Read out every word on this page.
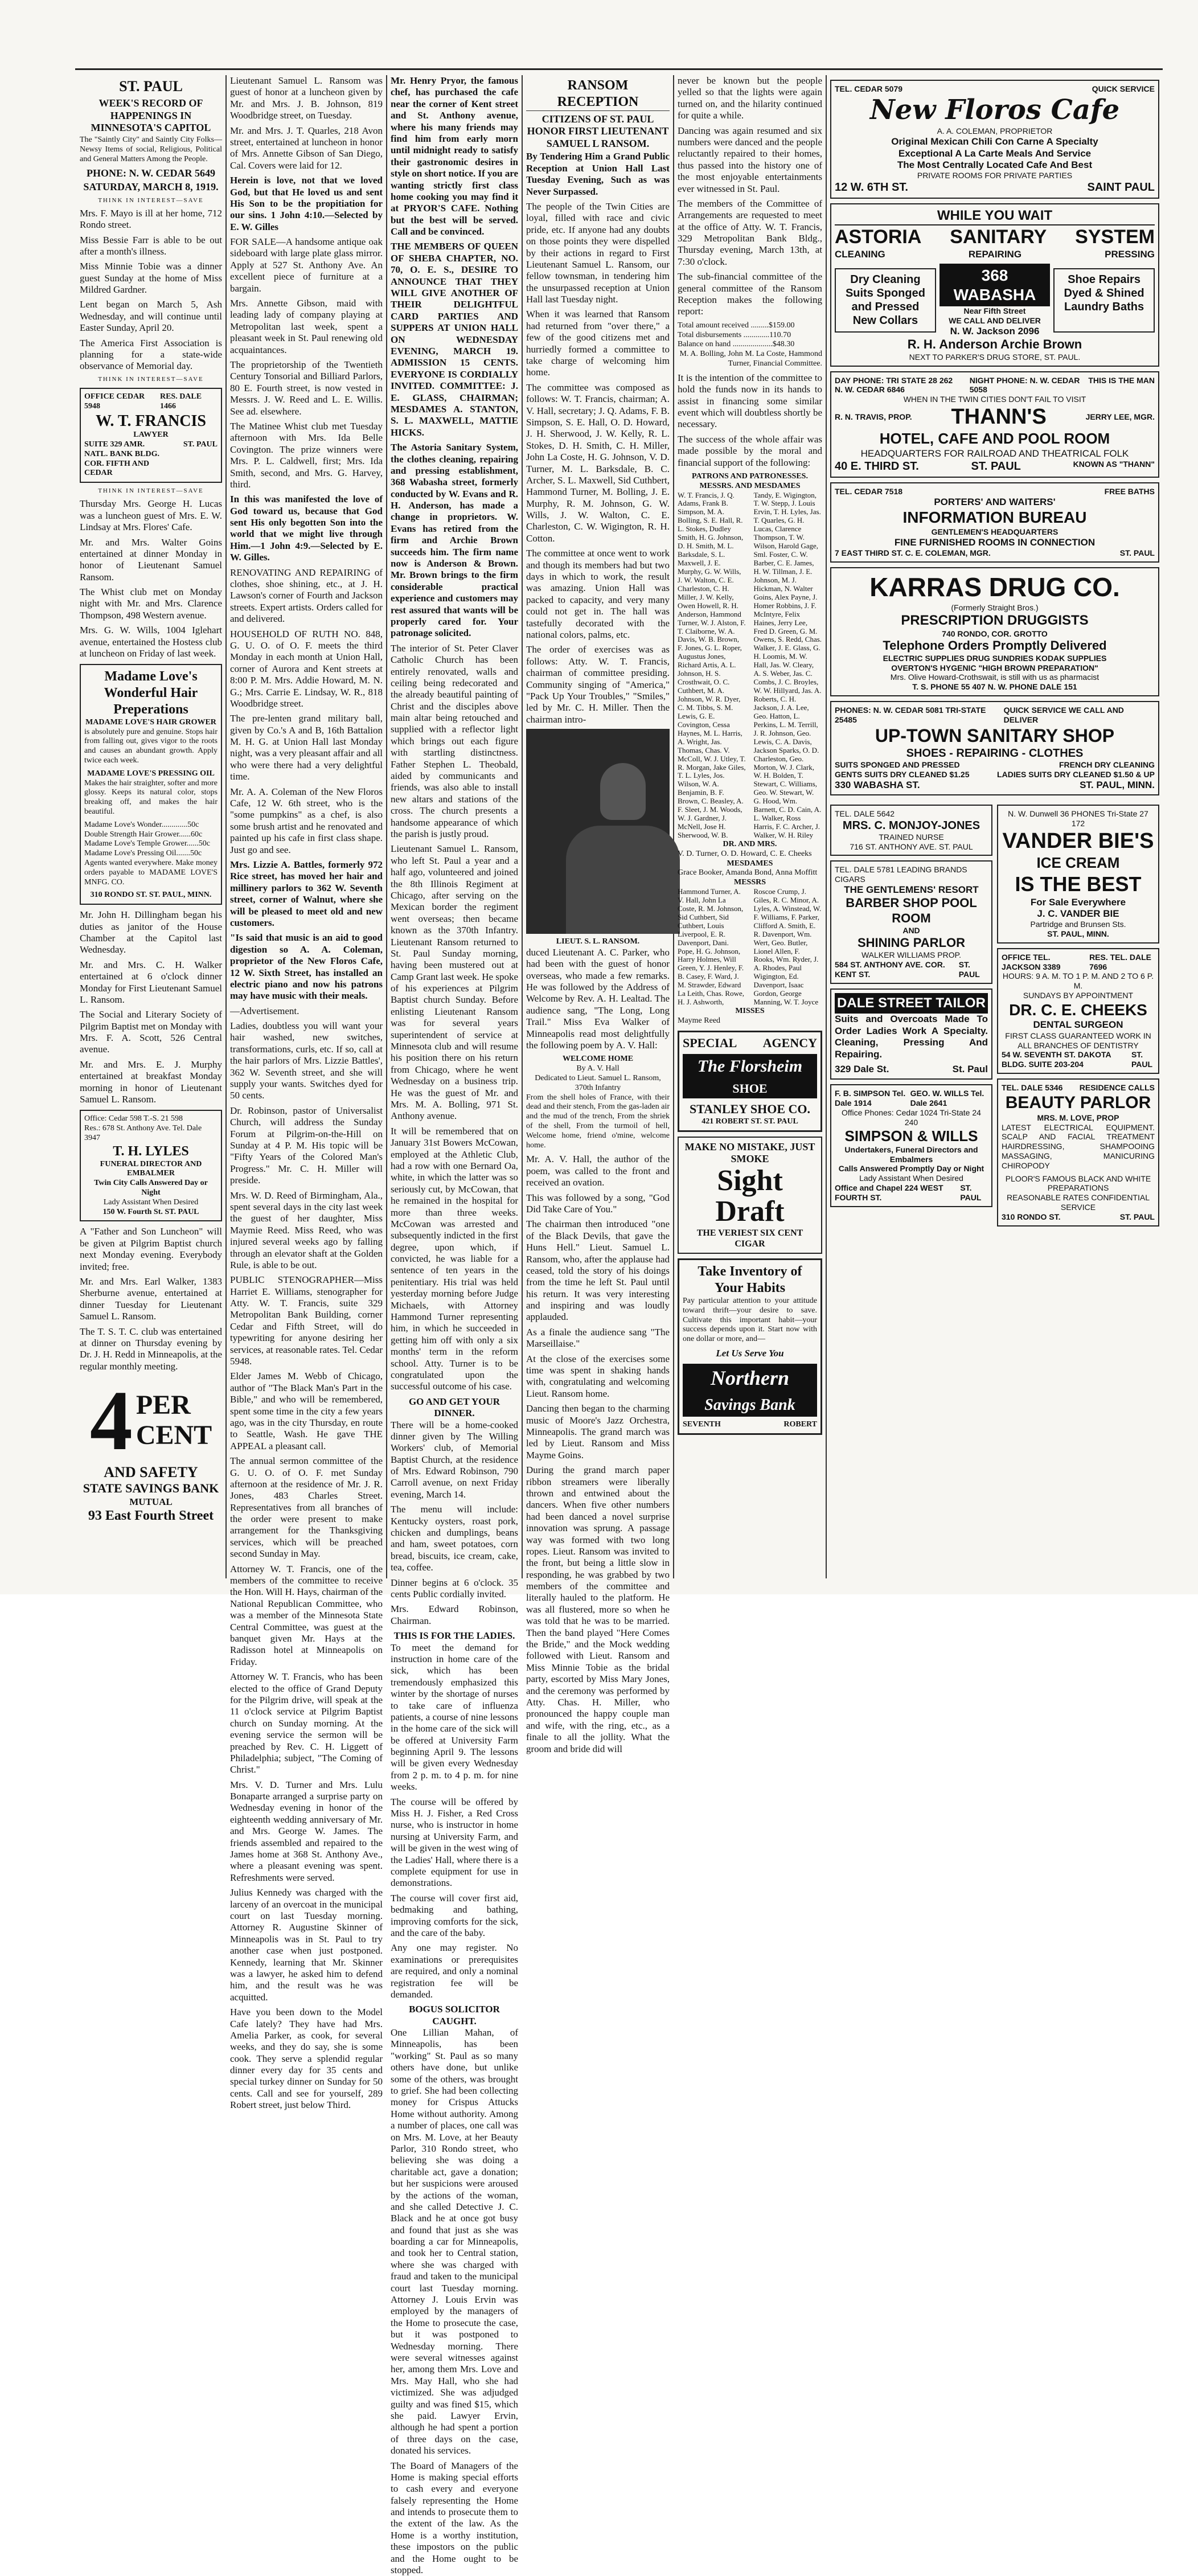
ST. PAUL
WEEK'S RECORD OF HAPPENINGS IN MINNESOTA'S CAPITOL

The "Saintly City" and Saintly City Folks—Newsy Items of social, Religious, Political and General Matters Among the People.

PHONE: N. W. CEDAR 5649
SATURDAY, MARCH 8, 1919.
THINK IN INTEREST—SAVE

Mrs. F. Mayo is ill at her home, 712 Rondo street.

Miss Bessie Farr is able to be out after a month's illness.

Miss Minnie Tobie was a dinner guest Sunday at the home of Miss Mildred Gardner.

Lent began on March 5, Ash Wednesday, and will continue until Easter Sunday, April 20.

The America First Association is planning for a state-wide observance of Memorial day.

THINK IN INTEREST—SAVE
OFFICE CEDAR 5948
RES. DALE 1466
W. T. FRANCIS
LAWYER
SUITE 329 AMR. NATL. BANK BLDG. COR. FIFTH AND CEDAR
ST. PAUL
THINK IN INTEREST—SAVE

Thursday Mrs. George H. Lucas was a luncheon guest of Mrs. E. W. Lindsay at Mrs. Flores' Cafe.

Mr. and Mrs. Walter Goins entertained at dinner Monday in honor of Lieutenant Samuel Ransom.

The Whist club met on Monday night with Mr. and Mrs. Clarence Thompson, 498 Western avenue.

Mrs. G. W. Wills, 1004 Iglehart avenue, entertained the Hostess club at luncheon on Friday of last week.

Madame Love's Wonderful Hair Preperations
MADAME LOVE'S HAIR GROWER

is absolutely pure and genuine. Stops hair from falling out, gives vigor to the roots and causes an abundant growth. Apply twice each week.

MADAME LOVE'S PRESSING OIL

Makes the hair straighter, softer and more glossy. Keeps its natural color, stops breaking off, and makes the hair beautiful.

Madame Love's Wonder.............50c
Double Strength Hair Grower......60c
Madame Love's Temple Grower......50c
Madame Love's Pressing Oil.......50c

Agents wanted everywhere. Make money orders payable to MADAME LOVE'S MNFG. CO.

310 RONDO ST. ST. PAUL, MINN.

Mr. John H. Dillingham began his duties as janitor of the House Chamber at the Capitol last Wednesday.

Mr. and Mrs. C. H. Walker entertained at 6 o'clock dinner Monday for First Lieutenant Samuel L. Ransom.

The Social and Literary Society of Pilgrim Baptist met on Monday with Mrs. F. A. Scott, 526 Central avenue.

Mr. and Mrs. E. J. Murphy entertained at breakfast Monday morning in honor of Lieutenant Samuel L. Ransom.

Office: Cedar 598 T.-S. 21 598
Res.: 678 St. Anthony Ave. Tel. Dale 3947
T. H. LYLES
FUNERAL DIRECTOR AND EMBALMER
Twin City Calls Answered Day or Night
Lady Assistant When Desired
150 W. Fourth St. ST. PAUL

A "Father and Son Luncheon" will be given at Pilgrim Baptist church next Monday evening. Everybody invited; free.

Mr. and Mrs. Earl Walker, 1383 Sherburne avenue, entertained at dinner Tuesday for Lieutenant Samuel L. Ransom.

The T. S. T. C. club was entertained at dinner on Thursday evening by Dr. J. H. Redd in Minneapolis, at the regular monthly meeting.

4 PER
CENT
AND SAFETY
STATE SAVINGS BANK
MUTUAL
93 East Fourth Street

Lieutenant Samuel L. Ransom was guest of honor at a luncheon given by Mr. and Mrs. J. B. Johnson, 819 Woodbridge street, on Tuesday.

Mr. and Mrs. J. T. Quarles, 218 Avon street, entertained at luncheon in honor of Mrs. Annette Gibson of San Diego, Cal. Covers were laid for 12.

Herein is love, not that we loved God, but that He loved us and sent His Son to be the propitiation for our sins. 1 John 4:10.—Selected by E. W. Gilles

FOR SALE—A handsome antique oak sideboard with large plate glass mirror. Apply at 527 St. Anthony Ave. An excellent piece of furniture at a bargain.

Mrs. Annette Gibson, maid with leading lady of company playing at Metropolitan last week, spent a pleasant week in St. Paul renewing old acquaintances.

The proprietorship of the Twentieth Century Tonsorial and Billiard Parlors, 80 E. Fourth street, is now vested in Messrs. J. W. Reed and L. E. Willis. See ad. elsewhere.

The Matinee Whist club met Tuesday afternoon with Mrs. Ida Belle Covington. The prize winners were Mrs. P. L. Caldwell, first; Mrs. Ida Smith, second, and Mrs. G. Harvey, third.

In this was manifested the love of God toward us, because that God sent His only begotten Son into the world that we might live through Him.—1 John 4:9.—Selected by E. W. Gilles.

RENOVATING AND REPAIRING of clothes, shoe shining, etc., at J. H. Lawson's corner of Fourth and Jackson streets. Expert artists. Orders called for and delivered.

HOUSEHOLD OF RUTH NO. 848, G. U. O. of O. F. meets the third Monday in each month at Union Hall, corner of Aurora and Kent streets at 8:00 P. M. Mrs. Addie Howard, M. N. G.; Mrs. Carrie E. Lindsay, W. R., 818 Woodbridge street.

The pre-lenten grand military ball, given by Co.'s A and B, 16th Battalion M. H. G. at Union Hall last Monday night, was a very pleasant affair and all who were there had a very delightful time.

Mr. A. A. Coleman of the New Floros Cafe, 12 W. 6th street, who is the "some pumpkins" as a chef, is also some brush artist and he renovated and painted up his cafe in first class shape. Just go and see.

Mrs. Lizzie A. Battles, formerly 972 Rice street, has moved her hair and millinery parlors to 362 W. Seventh street, corner of Walnut, where she will be pleased to meet old and new customers.

"Is said that music is an aid to good digestion so A. A. Coleman, proprietor of the New Floros Cafe, 12 W. Sixth Street, has installed an electric piano and now his patrons may have music with their meals.

—Advertisement.

Ladies, doubtless you will want your hair washed, new switches, transformations, curls, etc. If so, call at the hair parlors of Mrs. Lizzie Battles', 362 W. Seventh street, and she will supply your wants. Switches dyed for 50 cents.

Dr. Robinson, pastor of Universalist Church, will address the Sunday Forum at Pilgrim-on-the-Hill on Sunday at 4 P. M. His topic will be "Fifty Years of the Colored Man's Progress." Mr. C. H. Miller will preside.

Mrs. W. D. Reed of Birmingham, Ala., spent several days in the city last week the guest of her daughter, Miss Maymie Reed. Miss Reed, who was injured several weeks ago by falling through an elevator shaft at the Golden Rule, is able to be out.

PUBLIC STENOGRAPHER—Miss Harriet E. Williams, stenographer for Atty. W. T. Francis, suite 329 Metropolitan Bank Building, corner Cedar and Fifth Street, will do typewriting for anyone desiring her services, at reasonable rates. Tel. Cedar 5948.

Elder James M. Webb of Chicago, author of "The Black Man's Part in the Bible," and who will be remembered, spent some time in the city a few years ago, was in the city Thursday, en route to Seattle, Wash. He gave THE APPEAL a pleasant call.

The annual sermon committee of the G. U. O. of O. F. met Sunday afternoon at the residence of Mr. J. R. Jones, 483 Charles Street. Representatives from all branches of the order were present to make arrangement for the Thanksgiving services, which will be preached second Sunday in May.

Attorney W. T. Francis, one of the members of the committee to receive the Hon. Will H. Hays, chairman of the National Republican Committee, who was a member of the Minnesota State Central Committee, was guest at the banquet given Mr. Hays at the Radisson hotel at Minneapolis on Friday.

Attorney W. T. Francis, who has been elected to the office of Grand Deputy for the Pilgrim drive, will speak at the 11 o'clock service at Pilgrim Baptist church on Sunday morning. At the evening service the sermon will be preached by Rev. C. H. Liggett of Philadelphia; subject, "The Coming of Christ."

Mrs. V. D. Turner and Mrs. Lulu Bonaparte arranged a surprise party on Wednesday evening in honor of the eighteenth wedding anniversary of Mr. and Mrs. George W. James. The friends assembled and repaired to the James home at 368 St. Anthony Ave., where a pleasant evening was spent. Refreshments were served.

Julius Kennedy was charged with the larceny of an overcoat in the municipal court on last Tuesday morning. Attorney R. Augustine Skinner of Minneapolis was in St. Paul to try another case when just postponed. Kennedy, learning that Mr. Skinner was a lawyer, he asked him to defend him, and the result was he was acquitted.

Have you been down to the Model Cafe lately? They have had Mrs. Amelia Parker, as cook, for several weeks, and they do say, she is some cook. They serve a splendid regular dinner every day for 35 cents and special turkey dinner on Sunday for 50 cents. Call and see for yourself, 289 Robert street, just below Third.

Mr. Henry Pryor, the famous chef, has purchased the cafe near the corner of Kent street and St. Anthony avenue, where his many friends may find him from early morn until midnight ready to satisfy their gastronomic desires in style on short notice. If you are wanting strictly first class home cooking you may find it at PRYOR'S CAFE. Nothing but the best will be served. Call and be convinced.

THE MEMBERS OF QUEEN OF SHEBA CHAPTER, NO. 70, O. E. S., DESIRE TO ANNOUNCE THAT THEY WILL GIVE ANOTHER OF THEIR DELIGHTFUL CARD PARTIES AND SUPPERS AT UNION HALL ON WEDNESDAY EVENING, MARCH 19. ADMISSION 15 CENTS. EVERYONE IS CORDIALLY INVITED. COMMITTEE: J. E. GLASS, CHAIRMAN; MESDAMES A. STANTON, S. L. MAXWELL, MATTIE HICKS.

The Astoria Sanitary System, the clothes cleaning, repairing and pressing establishment, 368 Wabasha street, formerly conducted by W. Evans and R. H. Anderson, has made a change in proprietors. W. Evans has retired from the firm and Archie Brown succeeds him. The firm name now is Anderson & Brown. Mr. Brown brings to the firm considerable practical experience and customers may rest assured that wants will be properly cared for. Your patronage solicited.

The interior of St. Peter Claver Catholic Church has been entirely renovated, walls and ceiling being redecorated and the already beautiful painting of Christ and the disciples above main altar being retouched and supplied with a reflector light which brings out each figure with startling distinctness. Father Stephen L. Theobald, aided by communicants and friends, was also able to install new altars and stations of the cross. The church presents a handsome appearance of which the parish is justly proud.

Lieutenant Samuel L. Ransom, who left St. Paul a year and a half ago, volunteered and joined the 8th Illinois Regiment at Chicago, after serving on the Mexican border the regiment went overseas; then became known as the 370th Infantry. Lieutenant Ransom returned to St. Paul Sunday morning, having been mustered out at Camp Grant last week. He spoke of his experiences at Pilgrim Baptist church Sunday. Before enlisting Lieutenant Ransom was for several years superintendent of service at Minnesota club and will resume his position there on his return from Chicago, where he went Wednesday on a business trip. He was the guest of Mr. and Mrs. M. A. Bolling, 971 St. Anthony avenue.

It will be remembered that on January 31st Bowers McCowan, employed at the Athletic Club, had a row with one Bernard Oa, white, in which the latter was so seriously cut, by McCowan, that he remained in the hospital for more than three weeks. McCowan was arrested and subsequently indicted in the first degree, upon which, if convicted, he was liable for a sentence of ten years in the penitentiary. His trial was held yesterday morning before Judge Michaels, with Attorney Hammond Turner representing him, in which he succeeded in getting him off with only a six months' term in the reform school. Atty. Turner is to be congratulated upon the successful outcome of his case.

GO AND GET YOUR DINNER.

There will be a home-cooked dinner given by The Willing Workers' club, of Memorial Baptist Church, at the residence of Mrs. Edward Robinson, 790 Carroll avenue, on next Friday evening, March 14.

The menu will include: Kentucky oysters, roast pork, chicken and dumplings, beans and ham, sweet potatoes, corn bread, biscuits, ice cream, cake, tea, coffee.

Dinner begins at 6 o'clock. 35 cents Public cordially invited.

Mrs. Edward Robinson, Chairman.

THIS IS FOR THE LADIES.

To meet the demand for instruction in home care of the sick, which has been tremendously emphasized this winter by the shortage of nurses to take care of influenza patients, a course of nine lessons in the home care of the sick will be offered at University Farm beginning April 9. The lessons will be given every Wednesday from 2 p. m. to 4 p. m. for nine weeks.

The course will be offered by Miss H. J. Fisher, a Red Cross nurse, who is instructor in home nursing at University Farm, and will be given in the west wing of the Ladies' Hall, where there is a complete equipment for use in demonstrations.

The course will cover first aid, bedmaking and bathing, improving comforts for the sick, and the care of the baby.

Any one may register. No examinations or prerequisites are required, and only a nominal registration fee will be demanded.

BOGUS SOLICITOR CAUGHT.

One Lillian Mahan, of Minneapolis, has been "working" St. Paul as so many others have done, but unlike some of the others, was brought to grief. She had been collecting money for Crispus Attucks Home without authority. Among a number of places, one call was on Mrs. M. Love, at her Beauty Parlor, 310 Rondo street, who believing she was doing a charitable act, gave a donation; but her suspicions were aroused by the actions of the woman, and she called Detective J. C. Black and he at once got busy and found that just as she was boarding a car for Minneapolis, and took her to Central station, where she was charged with fraud and taken to the municipal court last Tuesday morning. Attorney J. Louis Ervin was employed by the managers of the Home to prosecute the case, but it was postponed to Wednesday morning. There were several witnesses against her, among them Mrs. Love and Mrs. May Hall, who she had victimized. She was adjudged guilty and was fined $15, which she paid. Lawyer Ervin, although he had spent a portion of three days on the case, donated his services.

The Board of Managers of the Home is making special efforts to cash every and everyone falsely representing the Home and intends to prosecute them to the extent of the law. As the Home is a worthy institution, these impostors on the public and the Home ought to be stopped.

RANSOM RECEPTION
CITIZENS OF ST. PAUL HONOR FIRST LIEUTENANT SAMUEL L RANSOM.

By Tendering Him a Grand Public Reception at Union Hall Last Tuesday Evening, Such as was Never Surpassed.

The people of the Twin Cities are loyal, filled with race and civic pride, etc. If anyone had any doubts on those points they were dispelled by their actions in regard to First Lieutenant Samuel L. Ransom, our fellow townsman, in tendering him the unsurpassed reception at Union Hall last Tuesday night.

When it was learned that Ransom had returned from "over there," a few of the good citizens met and hurriedly formed a committee to take charge of welcoming him home.

The committee was composed as follows: W. T. Francis, chairman; A. V. Hall, secretary; J. Q. Adams, F. B. Simpson, S. E. Hall, O. D. Howard, J. H. Sherwood, J. W. Kelly, R. L. Stokes, D. H. Smith, C. H. Miller, John La Coste, H. G. Johnson, V. D. Turner, M. L. Barksdale, B. C. Archer, S. L. Maxwell, Sid Cuthbert, Hammond Turner, M. Bolling, J. E. Murphy, R. M. Johnson, G. W. Wills, J. W. Walton, C. E. Charleston, C. W. Wigington, R. H. Cotton.

The committee at once went to work and though its members had but two days in which to work, the result was amazing. Union Hall was packed to capacity, and very many could not get in. The hall was tastefully decorated with the national colors, palms, etc.

The order of exercises was as follows: Atty. W. T. Francis, chairman of committee presiding. Community singing of "America," "Pack Up Your Troubles," "Smiles," led by Mr. C. H. Miller. Then the chairman intro-

LIEUT. S. L. RANSOM.

duced Lieutenant A. C. Parker, who had been with the guest of honor overseas, who made a few remarks. He was followed by the Address of Welcome by Rev. A. H. Lealtad. The audience sang, "The Long, Long Trail." Miss Eva Walker of Minneapolis read most delightfully the following poem by A. V. Hall:

WELCOME HOME
By A. V. Hall
Dedicated to Lieut. Samuel L. Ransom, 370th Infantry

From the shell holes of France, with their dead and their stench, From the gas-laden air and the mud of the trench, From the shriek of the shell, From the turmoil of hell, Welcome home, friend o'mine, welcome home.

Mr. A. V. Hall, the author of the poem, was called to the front and received an ovation.

This was followed by a song, "God Did Take Care of You."

The chairman then introduced "one of the Black Devils, that gave the Huns Hell." Lieut. Samuel L. Ransom, who, after the applause had ceased, told the story of his doings from the time he left St. Paul until his return. It was very interesting and inspiring and was loudly applauded.

As a finale the audience sang "The Marseillaise."

At the close of the exercises some time was spent in shaking hands with, congratulating and welcoming Lieut. Ransom home.

Dancing then began to the charming music of Moore's Jazz Orchestra, Minneapolis. The grand march was led by Lieut. Ransom and Miss Mayme Goins.

During the grand march paper ribbon streamers were liberally thrown and entwined about the dancers. When five other numbers had been danced a novel surprise innovation was sprung. A passage way was formed with two long ropes. Lieut. Ransom was invited to the front, but being a little slow in responding, he was grabbed by two members of the committee and literally hauled to the platform. He was all flustered, more so when he was told that he was to be married. Then the band played "Here Comes the Bride," and the Mock wedding followed with Lieut. Ransom and Miss Minnie Tobie as the bridal party, escorted by Miss Mary Jones, and the ceremony was performed by Atty. Chas. H. Miller, who pronounced the happy couple man and wife, with the ring, etc., as a finale to all the jollity. What the groom and bride did will

never be known but the people yelled so that the lights were again turned on, and the hilarity continued for quite a while.

Dancing was again resumed and six numbers were danced and the people reluctantly repaired to their homes, thus passed into the history one of the most enjoyable entertainments ever witnessed in St. Paul.

The members of the Committee of Arrangements are requested to meet at the office of Atty. W. T. Francis, 329 Metropolitan Bank Bldg., Thursday evening, March 13th, at 7:30 o'clock.

The sub-financial committee of the general committee of the Ransom Reception makes the following report:

Total amount received .........$159.00
Total disbursements .............110.70
Balance on hand ....................$48.30

M. A. Bolling, John M. La Coste, Hammond Turner, Financial Committee.

It is the intention of the committee to hold the funds now in its hands to assist in financing some similar event which will doubtless shortly be necessary.

The success of the whole affair was made possible by the moral and financial support of the following:

PATRONS AND PATRONESSES.
MESSRS. AND MESDAMES
W. T. Francis, J. Q. Adams, Frank B. Simpson, M. A. Bolling, S. E. Hall, R. L. Stokes, Dudley Smith, H. G. Johnson, D. H. Smith, M. L. Barksdale, S. L. Maxwell, J. E. Murphy, G. W. Wills, J. W. Walton, C. E. Charleston, C. H. Miller, J. W. Kelly, Owen Howell, R. H. Anderson, Hammond Turner, W. J. Alston, F. T. Claiborne, W. A. Davis, W. B. Brown, F. Jones, G. L. Roper, Augustus Jones, Richard Artis, A. L. Johnson, H. S. Crosthwait, O. C. Cuthbert, M. A. Johnson, W. R. Dyer, C. M. Tibbs, S. M. Lewis, G. E. Covington, Cessa Haynes, M. L. Harris, A. Wright, Jas. Thomas, Chas. V. McColl, W. J. Utley, T. R. Morgan, Jake Giles, T. L. Lyles, Jos. Wilson, W. A. Benjamin, B. F. Brown, C. Beasley, A. F. Sleet, J. M. Woods, W. J. Gardner, J. McNell, Jose H. Sherwood, W. B. Tandy, E. Wigington, T. W. Stepp, J. Louis Ervin, T. H. Lyles, Jas. T. Quarles, G. H. Lucas, Clarence Thompson, T. W. Wilson, Harold Gage, Sml. Foster, C. W. Barber, C. E. James, H. W. Tillman, J. E. Johnson, M. J. Hickman, N. Walter Goins, Alex Payne, J. Homer Robbins, J. F. McIntyre, Felix Haines, Jerry Lee, Fred D. Green, G. M. Owens, S. Redd, Chas. Walker, J. E. Glass, G. H. Loomis, M. W. Hall, Jas. W. Cleary, A. S. Weber, Jas. C. Combs, J. C. Broyles, W. W. Hillyard, Jas. A. Roberts, C. H. Jackson, J. A. Lee, Geo. Hatton, L. Perkins, L. M. Terrill, J. R. Johnson, Geo. Lewis, C. A. Davis, Jackson Sparks, O. D. Charleston, Geo. Morton, W. J. Clark, W. H. Bolden, T. Stewart, C. Williams, Geo. W. Stewart, W. G. Hood, Wm. Barnett, C. D. Cain, A. L. Walker, Ross Harris, F. C. Archer, J. Walker, W. H. Riley
DR. AND MRS.
V. D. Turner, O. D. Howard, C. E. Cheeks
MESDAMES
Grace Booker, Amanda Bond, Anna Moffitt
MESSRS
Hammond Turner, A. V. Hall, John La Coste, R. M. Johnson, Sid Cuthbert, Sid Cuthbert, Louis Liverpool, E. R. Davenport, Dani. Pope, H. G. Johnson, Harry Holmes, Will Green, Y. J. Henley, F. B. Casey, F. Ward, J. M. Strawder, Edward La Leith, Chas. Rowe, H. J. Ashworth, Roscoe Crump, J. Giles, R. C. Minor, A. Lyles, A. Winstead, W. F. Williams, F. Parker, Clifford A. Smith, E. R. Davenport, Wm. Wert, Geo. Butler, Lionel Allen, F. Rooks, Wm. Ryder, J. A. Rhodes, Paul Wigington, Ed. Davenport, Isaac Gordon, George Manning, W. T. Joyce
MISSES
Mayme Reed
SPECIAL AGENCY
The Florsheim
SHOE
STANLEY SHOE CO.
421 ROBERT ST. ST. PAUL
MAKE NO MISTAKE, JUST SMOKE
Sight Draft
THE VERIEST SIX CENT CIGAR
Take Inventory of Your Habits

Pay particular attention to your attitude toward thrift—your desire to save. Cultivate this important habit—your success depends upon it. Start now with one dollar or more, and—

Let Us Serve You
Northern
Savings Bank
SEVENTH	ROBERT
TEL. CEDAR 5079	QUICK SERVICE
New Floros Cafe
A. A. COLEMAN, PROPRIETOR
Original Mexican Chili Con Carne A Specialty
Exceptional A La Carte Meals And Service
The Most Centrally Located Cafe And Best
PRIVATE ROOMS FOR PRIVATE PARTIES
12 W. 6TH ST.	SAINT PAUL
WHILE YOU WAIT
ASTORIA SANITARY SYSTEM
CLEANING	REPAIRING	PRESSING
Dry Cleaning Suits Sponged and Pressed New Collars
368 WABASHA
Near Fifth Street
WE CALL AND DELIVER
N. W. Jackson 2096
Shoe Repairs Dyed & Shined Laundry Baths
R. H. Anderson Archie Brown
NEXT TO PARKER'S DRUG STORE, ST. PAUL.
DAY PHONE: TRI STATE 28 262 N. W. CEDAR 6846
NIGHT PHONE: N. W. CEDAR 5058
THIS IS THE MAN
WHEN IN THE TWIN CITIES DON'T FAIL TO VISIT
R. N. TRAVIS, PROP. THANN'S	JERRY LEE, MGR.
HOTEL, CAFE AND POOL ROOM
HEADQUARTERS FOR RAILROAD AND THEATRICAL FOLK
40 E. THIRD ST.	ST. PAUL	KNOWN AS "THANN"
TEL. CEDAR 7518	FREE BATHS
PORTERS' AND WAITERS'
INFORMATION BUREAU
GENTLEMEN'S HEADQUARTERS
FINE FURNISHED ROOMS IN CONNECTION
7 EAST THIRD ST. C. E. COLEMAN, MGR.	ST. PAUL
KARRAS DRUG CO.
(Formerly Straight Bros.)
PRESCRIPTION DRUGGISTS
740 RONDO, COR. GROTTO
Telephone Orders Promptly Delivered
ELECTRIC SUPPLIES DRUG SUNDRIES KODAK SUPPLIES
OVERTON'S HYGENIC "HIGH BROWN PREPARATION"
Mrs. Olive Howard-Crothswait, is still with us as pharmacist
T. S. PHONE 55 407 N. W. PHONE DALE 151
PHONES: N. W. CEDAR 5081 TRI-STATE 25485
QUICK SERVICE WE CALL AND DELIVER
UP-TOWN SANITARY SHOP
SHOES - REPAIRING - CLOTHES
SUITS SPONGED AND PRESSED	FRENCH DRY CLEANING
GENTS SUITS DRY CLEANED $1.25	LADIES SUITS DRY CLEANED $1.50 & UP
330 WABASHA ST.	ST. PAUL, MINN.
TEL. DALE 5642
MRS. C. MONJOY-JONES
TRAINED NURSE
716 ST. ANTHONY AVE. ST. PAUL
TEL. DALE 5781 LEADING BRANDS CIGARS
THE GENTLEMENS' RESORT
BARBER SHOP POOL ROOM
AND
SHINING PARLOR
WALKER WILLIAMS PROP.
584 ST. ANTHONY AVE. COR. KENT ST.
ST. PAUL
DALE STREET TAILOR

Suits and Overcoats Made To Order Ladies Work A Specialty. Cleaning, Pressing And Repairing.

329 Dale St.	St. Paul
F. B. SIMPSON Tel. Dale 1914
GEO. W. WILLS Tel. Dale 2641
Office Phones: Cedar 1024 Tri-State 24 240
SIMPSON & WILLS
Undertakers, Funeral Directors and Embalmers
Calls Answered Promptly Day or Night
Lady Assistant When Desired
Office and Chapel 224 WEST FOURTH ST.
ST. PAUL
N. W. Dunwell 36 PHONES Tri-State 27 172
VANDER BIE'S
ICE CREAM
IS THE BEST
For Sale Everywhere
J. C. VANDER BIE
Partridge and Brunsen Sts.
ST. PAUL, MINN.
OFFICE TEL. JACKSON 3389
RES. TEL. DALE 7696
HOURS: 9 A. M. TO 1 P. M. AND 2 TO 6 P. M.
SUNDAYS BY APPOINTMENT
DR. C. E. CHEEKS
DENTAL SURGEON
FIRST CLASS GUARANTEED WORK IN ALL BRANCHES OF DENTISTRY
54 W. SEVENTH ST. DAKOTA BLDG. SUITE 203-204
ST. PAUL
TEL. DALE 5346 RESIDENCE CALLS
BEAUTY PARLOR
MRS. M. LOVE, PROP

LATEST ELECTRICAL EQUIPMENT. SCALP AND FACIAL TREATMENT HAIRDRESSING, SHAMPOOING MASSAGING, MANICURING CHIROPODY

PLOOR'S FAMOUS BLACK AND WHITE PREPARATIONS
REASONABLE RATES CONFIDENTIAL SERVICE
310 RONDO ST.	ST. PAUL
